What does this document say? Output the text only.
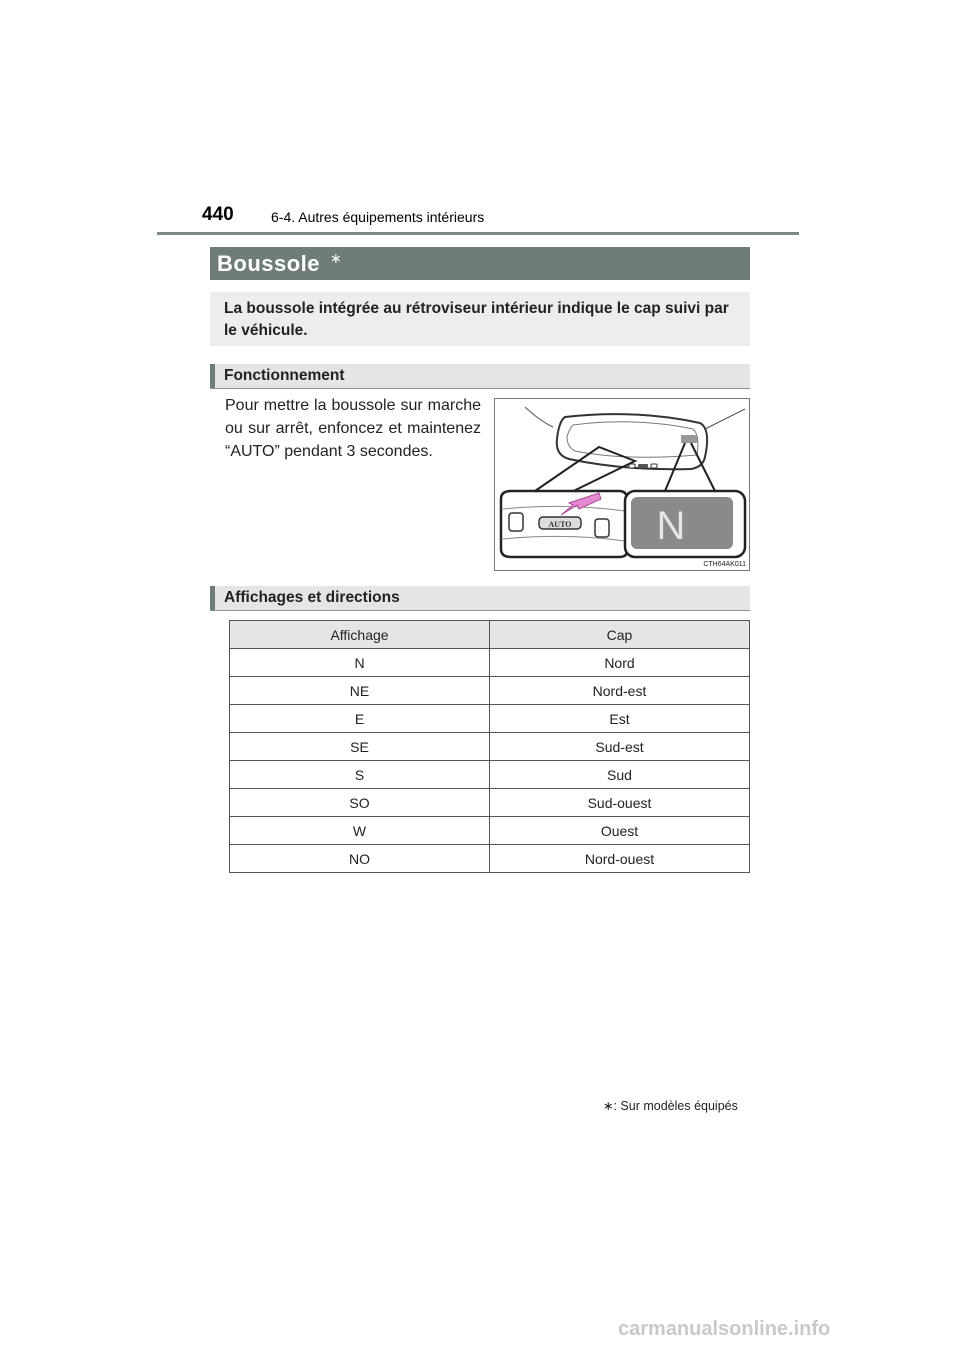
440	6-4. Autres équipements intérieurs
Boussole ∗
La boussole intégrée au rétroviseur intérieur indique le cap suivi par le véhicule.
Fonctionnement
Pour mettre la boussole sur marche ou sur arrêt, enfoncez et maintenez “AUTO” pendant 3 secondes.
AUTO N
CTH64AK011
Affichages et directions
Affichage	Cap
N	Nord
NE	Nord-est
E	Est
SE	Sud-est
S	Sud
SO	Sud-ouest
W	Ouest
NO	Nord-ouest
∗: Sur modèles équipés
carmanualsonline.info
